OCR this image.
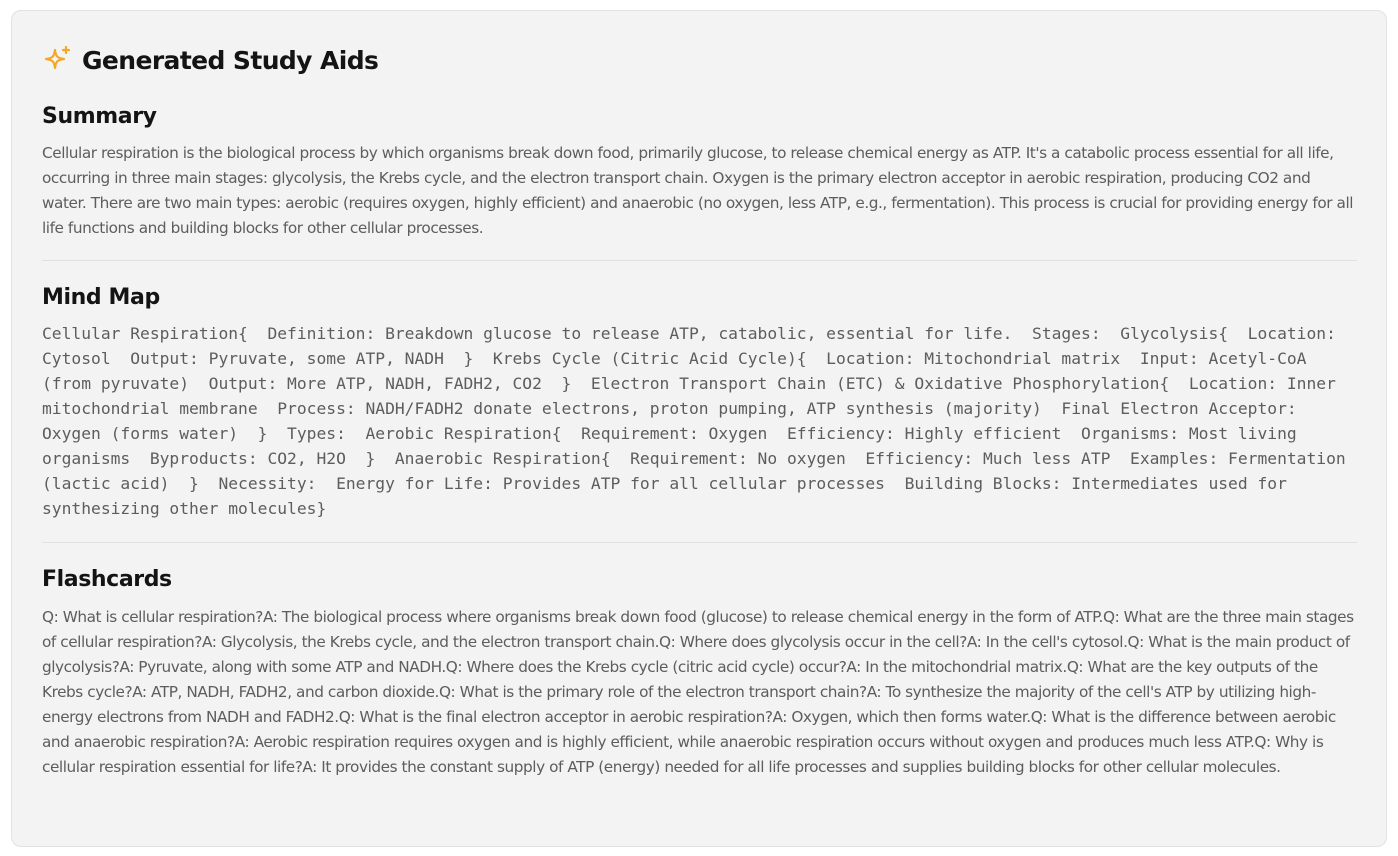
Generated Study Aids
Summary

Cellular respiration is the biological process by which organisms break down food, primarily glucose, to release chemical energy as ATP. It's a catabolic process essential for all life, occurring in three main stages: glycolysis, the Krebs cycle, and the electron transport chain. Oxygen is the primary electron acceptor in aerobic respiration, producing CO2 and water. There are two main types: aerobic (requires oxygen, highly efficient) and anaerobic (no oxygen, less ATP, e.g., fermentation). This process is crucial for providing energy for all life functions and building blocks for other cellular processes.

Mind Map

Cellular Respiration{  Definition: Breakdown glucose to release ATP, catabolic, essential for life.  Stages:  Glycolysis{  Location: Cytosol  Output: Pyruvate, some ATP, NADH  }  Krebs Cycle (Citric Acid Cycle){  Location: Mitochondrial matrix  Input: Acetyl-CoA (from pyruvate)  Output: More ATP, NADH, FADH2, CO2  }  Electron Transport Chain (ETC) & Oxidative Phosphorylation{  Location: Inner mitochondrial membrane  Process: NADH/FADH2 donate electrons, proton pumping, ATP synthesis (majority)  Final Electron Acceptor: Oxygen (forms water)  }  Types:  Aerobic Respiration{  Requirement: Oxygen  Efficiency: Highly efficient  Organisms: Most living organisms  Byproducts: CO2, H2O  }  Anaerobic Respiration{  Requirement: No oxygen  Efficiency: Much less ATP  Examples: Fermentation (lactic acid)  }  Necessity:  Energy for Life: Provides ATP for all cellular processes  Building Blocks: Intermediates used for synthesizing other molecules}

Flashcards

Q: What is cellular respiration?A: The biological process where organisms break down food (glucose) to release chemical energy in the form of ATP.Q: What are the three main stages of cellular respiration?A: Glycolysis, the Krebs cycle, and the electron transport chain.Q: Where does glycolysis occur in the cell?A: In the cell's cytosol.Q: What is the main product of glycolysis?A: Pyruvate, along with some ATP and NADH.Q: Where does the Krebs cycle (citric acid cycle) occur?A: In the mitochondrial matrix.Q: What are the key outputs of the Krebs cycle?A: ATP, NADH, FADH2, and carbon dioxide.Q: What is the primary role of the electron transport chain?A: To synthesize the majority of the cell's ATP by utilizing high-energy electrons from NADH and FADH2.Q: What is the final electron acceptor in aerobic respiration?A: Oxygen, which then forms water.Q: What is the difference between aerobic and anaerobic respiration?A: Aerobic respiration requires oxygen and is highly efficient, while anaerobic respiration occurs without oxygen and produces much less ATP.Q: Why is cellular respiration essential for life?A: It provides the constant supply of ATP (energy) needed for all life processes and supplies building blocks for other cellular molecules.
